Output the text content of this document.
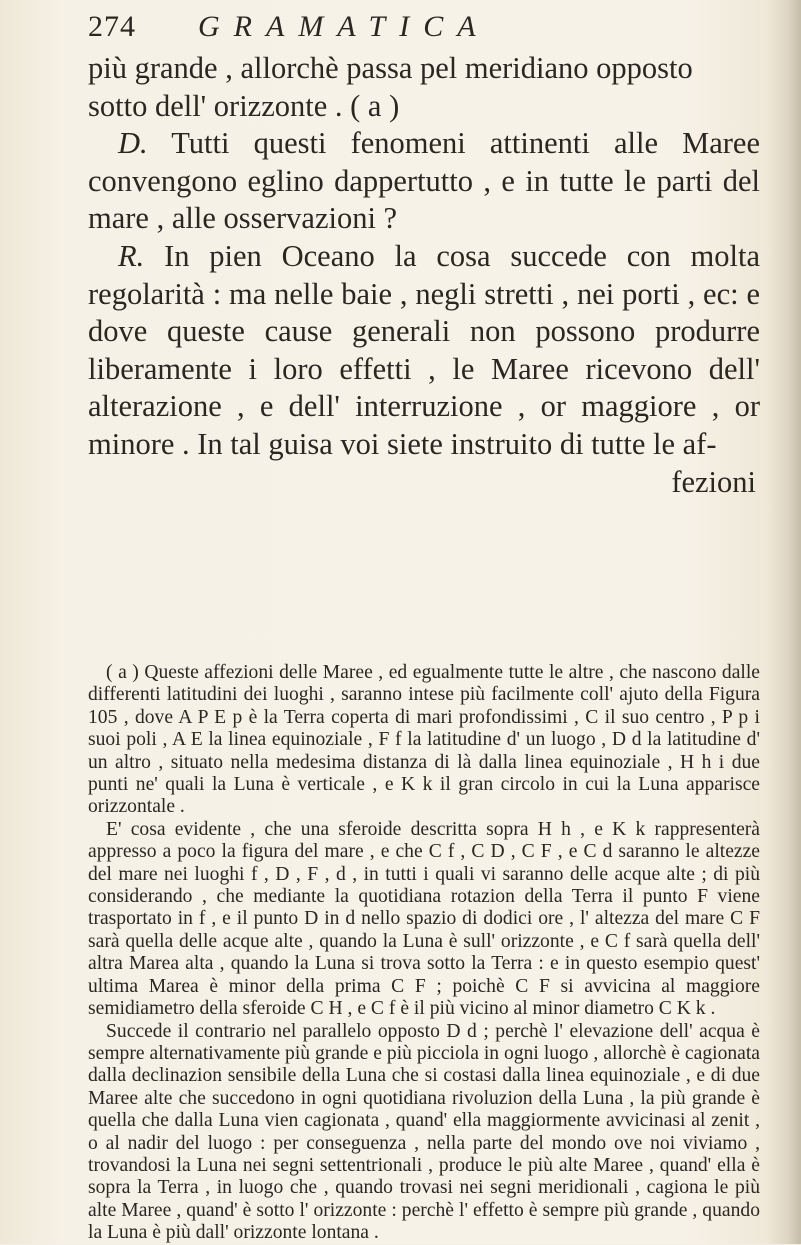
274 GRAMATICA

più grande , allorchè passa pel meridiano opposto

sotto dell' orizzonte . ( a )

D. Tutti questi fenomeni attinenti alle Maree convengono eglino dappertutto , e in tutte le parti del mare , alle osservazioni ?

R. In pien Oceano la cosa succede con molta regolarità : ma nelle baie , negli stretti , nei porti , ec: e dove queste cause generali non possono produrre liberamente i loro effetti , le Maree ricevono dell' alterazione , e dell' interruzione , or maggiore , or minore . In tal guisa voi siete instruito di tutte le af-

fezioni

( a ) Queste affezioni delle Maree , ed egualmente tutte le altre , che nascono dalle differenti latitudini dei luoghi , saranno intese più facilmente coll' ajuto della Figura 105 , dove A P E p è la Terra coperta di mari profondissimi , C il suo centro , P p i suoi poli , A E la linea equinoziale , F f la latitudine d' un luogo , D d la latitudine d' un altro , situato nella medesima distanza di là dalla linea equinoziale , H h i due punti ne' quali la Luna è verticale , e K k il gran circolo in cui la Luna apparisce orizzontale .

E' cosa evidente , che una sferoide descritta sopra H h , e K k rappresenterà appresso a poco la figura del mare , e che C f , C D , C F , e C d saranno le altezze del mare nei luoghi f , D , F , d , in tutti i quali vi saranno delle acque alte ; di più considerando , che mediante la quotidiana rotazion della Terra il punto F viene trasportato in f , e il punto D in d nello spazio di dodici ore , l' altezza del mare C F sarà quella delle acque alte , quando la Luna è sull' orizzonte , e C f sarà quella dell' altra Marea alta , quando la Luna si trova sotto la Terra : e in questo esempio quest' ultima Marea è minor della prima C F ; poichè C F si avvicina al maggiore semidiametro della sferoide C H , e C f è il più vicino al minor diametro C K k .

Succede il contrario nel parallelo opposto D d ; perchè l' elevazione dell' acqua è sempre alternativamente più grande e più picciola in ogni luogo , allorchè è cagionata dalla declinazion sensibile della Luna che si costasi dalla linea equinoziale , e di due Maree alte che succedono in ogni quotidiana rivoluzion della Luna , la più grande è quella che dalla Luna vien cagionata , quand' ella maggiormente avvicinasi al zenit , o al nadir del luogo : per conseguenza , nella parte del mondo ove noi viviamo , trovandosi la Luna nei segni settentrionali , produce le più alte Maree , quand' ella è sopra la Terra , in luogo che , quando trovasi nei segni meridionali , cagiona le più alte Maree , quand' è sotto l' orizzonte : perchè l' effetto è sempre più grande , quando la Luna è più dall' orizzonte lontana .
